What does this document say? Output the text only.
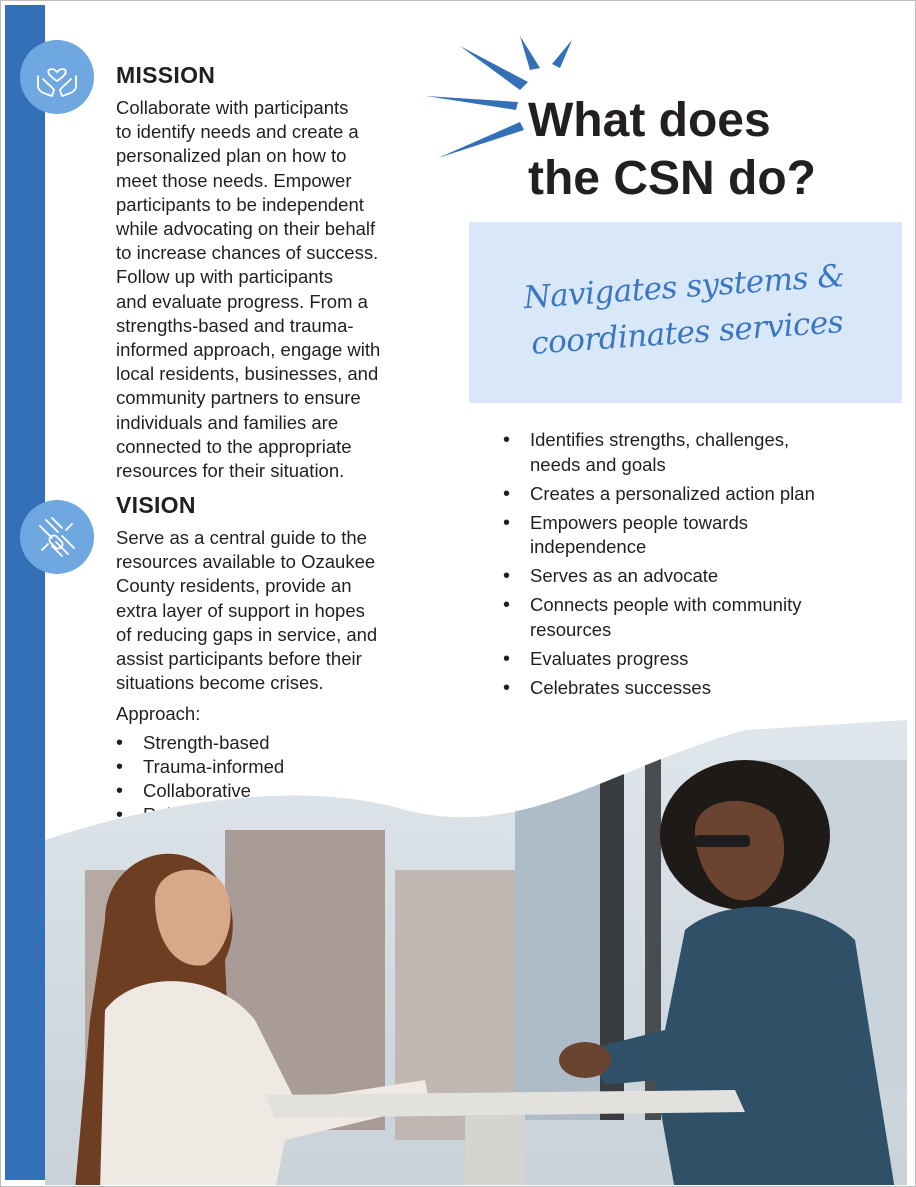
MISSION
Collaborate with participants
to identify needs and create a
personalized plan on how to
meet those needs. Empower
participants to be independent
while advocating on their behalf
to increase chances of success.
Follow up with participants
and evaluate progress. From a
strengths-based and trauma-
informed approach, engage with
local residents, businesses, and
community partners to ensure
individuals and families are
connected to the appropriate
resources for their situation.
VISION
Serve as a central guide to the
resources available to Ozaukee
County residents, provide an
extra layer of support in hopes
of reducing gaps in service, and
assist participants before their
situations become crises.
Approach:
• Strength-based
• Trauma-informed
• Collaborative
•
What does
the CSN do?
Navigates systems &
coordinates services
• Identifies strengths, challenges,
needs and goals
• Creates a personalized action plan
• Empowers people towards
independence
• Serves as an advocate
• Connects people with community
resources
• Evaluates progress
• Celebrates successes
